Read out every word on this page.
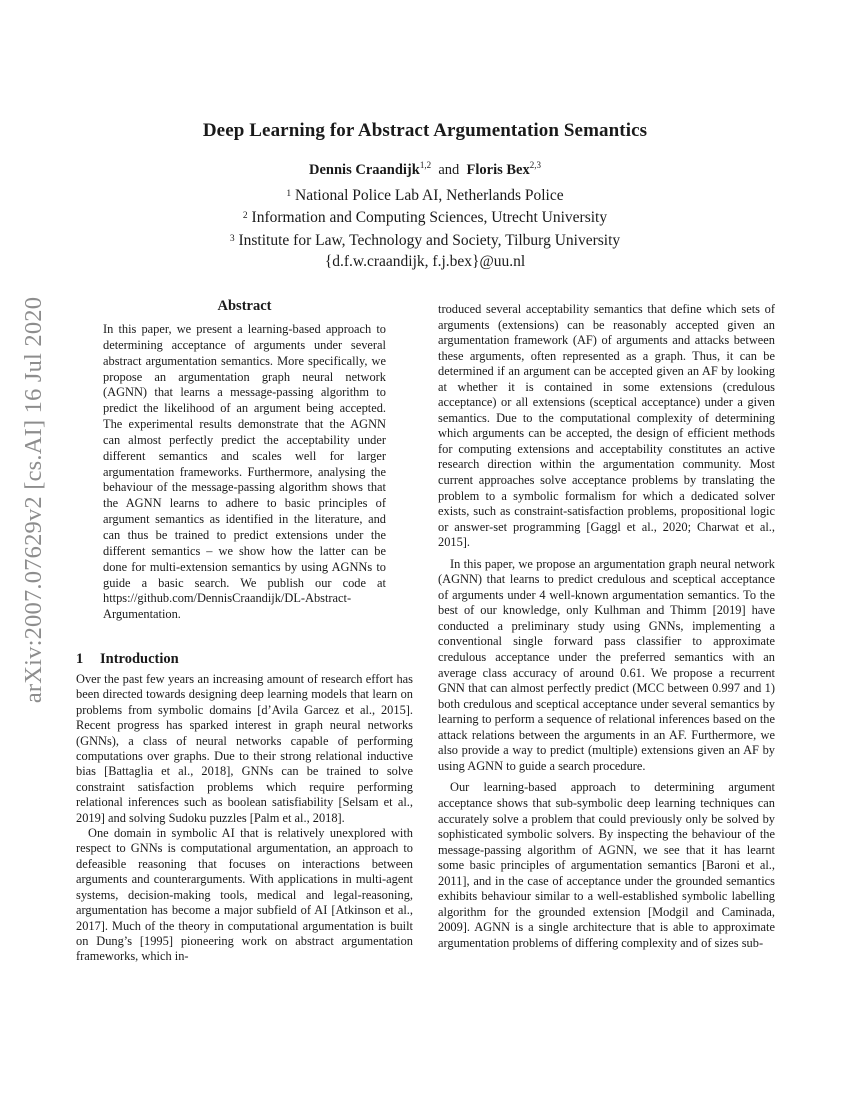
arXiv:2007.07629v2 [cs.AI] 16 Jul 2020
Deep Learning for Abstract Argumentation Semantics
Dennis Craandijk$^{1,2}$ and Floris Bex$^{2,3}$
$^1$ National Police Lab AI, Netherlands Police
$^2$ Information and Computing Sciences, Utrecht University
$^3$ Institute for Law, Technology and Society, Tilburg University
{d.f.w.craandijk, f.j.bex}@uu.nl
Abstract
In this paper, we present a learning-based approach to determining acceptance of arguments under several abstract argumentation semantics. More specifically, we propose an argumentation graph neural network (AGNN) that learns a message-passing algorithm to predict the likelihood of an argument being accepted. The experimental results demonstrate that the AGNN can almost perfectly predict the acceptability under different semantics and scales well for larger argumentation frameworks. Furthermore, analysing the behaviour of the message-passing algorithm shows that the AGNN learns to adhere to basic principles of argument semantics as identified in the literature, and can thus be trained to predict extensions under the different semantics – we show how the latter can be done for multi-extension semantics by using AGNNs to guide a basic search. We publish our code at https://github.com/DennisCraandijk/DL-Abstract-Argumentation.
1 Introduction

Over the past few years an increasing amount of research effort has been directed towards designing deep learning models that learn on problems from symbolic domains [d’Avila Garcez et al., 2015]. Recent progress has sparked interest in graph neural networks (GNNs), a class of neural networks capable of performing computations over graphs. Due to their strong relational inductive bias [Battaglia et al., 2018], GNNs can be trained to solve constraint satisfaction problems which require performing relational inferences such as boolean satisfiability [Selsam et al., 2019] and solving Sudoku puzzles [Palm et al., 2018].

One domain in symbolic AI that is relatively unexplored with respect to GNNs is computational argumentation, an approach to defeasible reasoning that focuses on interactions between arguments and counterarguments. With applications in multi-agent systems, decision-making tools, medical and legal-reasoning, argumentation has become a major subfield of AI [Atkinson et al., 2017]. Much of the theory in computational argumentation is built on Dung’s [1995] pioneering work on abstract argumentation frameworks, which in-

troduced several acceptability semantics that define which sets of arguments (extensions) can be reasonably accepted given an argumentation framework (AF) of arguments and attacks between these arguments, often represented as a graph. Thus, it can be determined if an argument can be accepted given an AF by looking at whether it is contained in some extensions (credulous acceptance) or all extensions (sceptical acceptance) under a given semantics. Due to the computational complexity of determining which arguments can be accepted, the design of efficient methods for computing extensions and acceptability constitutes an active research direction within the argumentation community. Most current approaches solve acceptance problems by translating the problem to a symbolic formalism for which a dedicated solver exists, such as constraint-satisfaction problems, propositional logic or answer-set programming [Gaggl et al., 2020; Charwat et al., 2015].

In this paper, we propose an argumentation graph neural network (AGNN) that learns to predict credulous and sceptical acceptance of arguments under 4 well-known argumentation semantics. To the best of our knowledge, only Kulhman and Thimm [2019] have conducted a preliminary study using GNNs, implementing a conventional single forward pass classifier to approximate credulous acceptance under the preferred semantics with an average class accuracy of around 0.61. We propose a recurrent GNN that can almost perfectly predict (MCC between 0.997 and 1) both credulous and sceptical acceptance under several semantics by learning to perform a sequence of relational inferences based on the attack relations between the arguments in an AF. Furthermore, we also provide a way to predict (multiple) extensions given an AF by using AGNN to guide a search procedure.

Our learning-based approach to determining argument acceptance shows that sub-symbolic deep learning techniques can accurately solve a problem that could previously only be solved by sophisticated symbolic solvers. By inspecting the behaviour of the message-passing algorithm of AGNN, we see that it has learnt some basic principles of argumentation semantics [Baroni et al., 2011], and in the case of acceptance under the grounded semantics exhibits behaviour similar to a well-established symbolic labelling algorithm for the grounded extension [Modgil and Caminada, 2009]. AGNN is a single architecture that is able to approximate argumentation problems of differing complexity and of sizes sub-
